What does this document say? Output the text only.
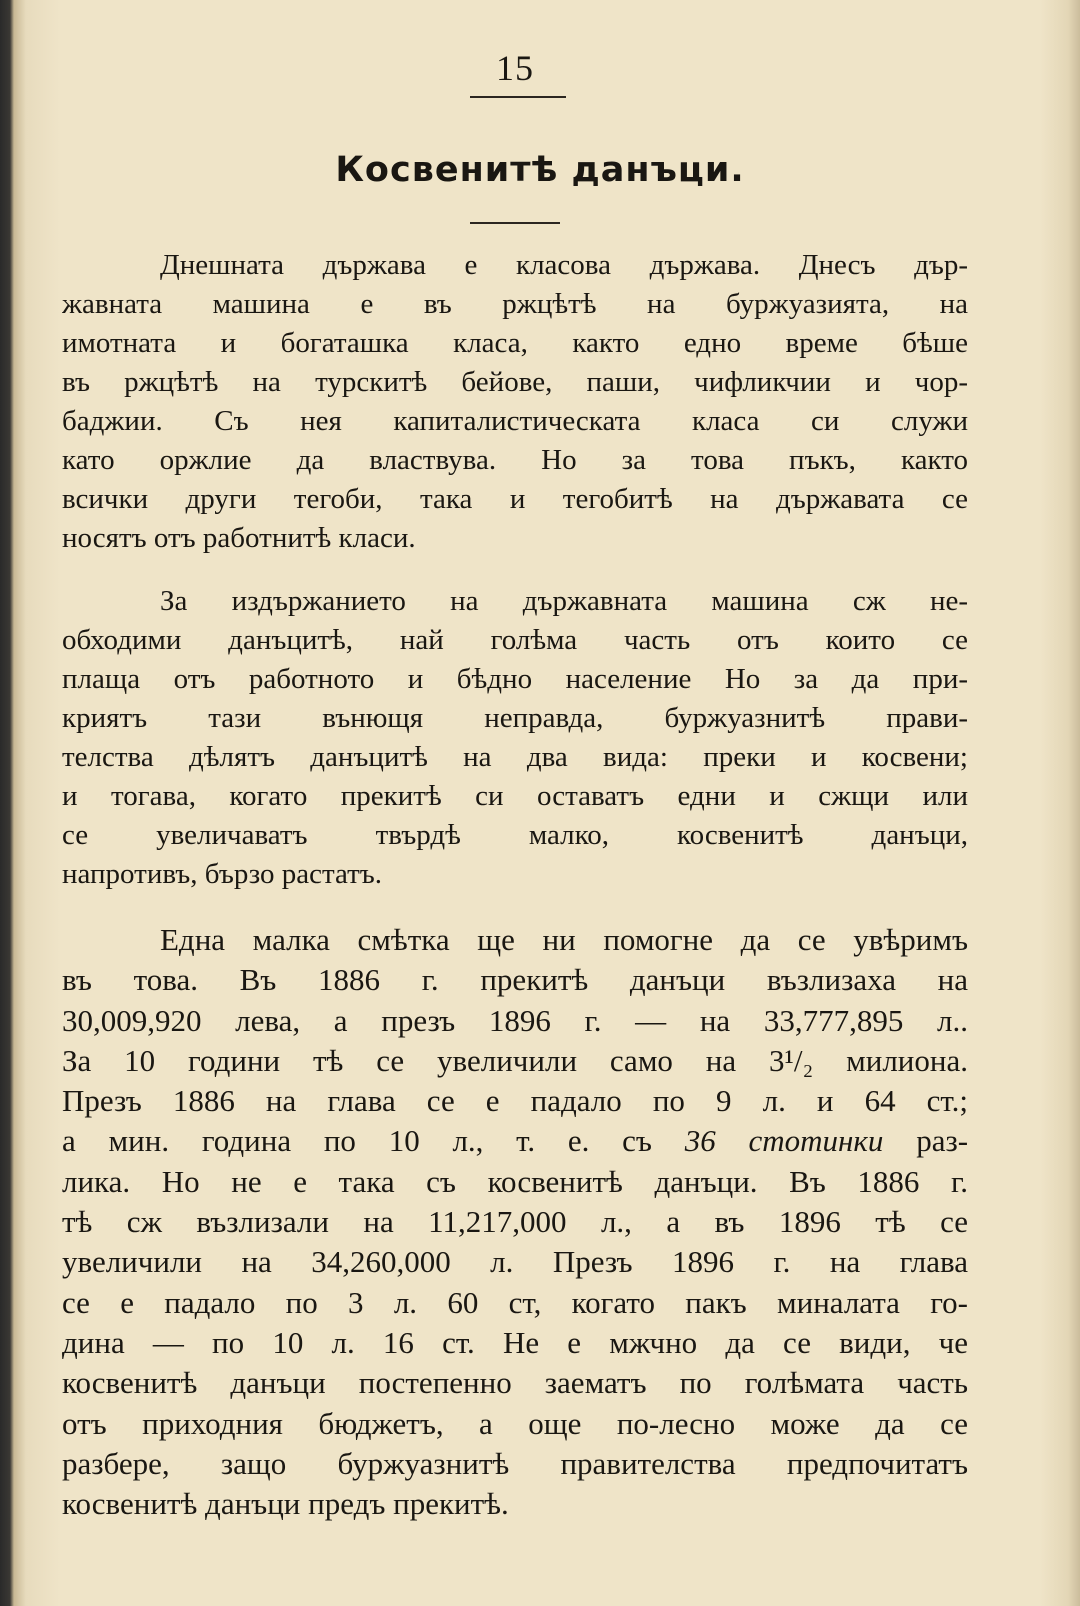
15
Косвенитѣ данъци.
Днешната държава е класова държава. Днесъ дър-
жавната машина е въ ржцѣтѣ на буржуазията, на
имотната и богаташка класа, както едно време бѣше
въ ржцѣтѣ на турскитѣ бейове, паши, чифликчии и чор-
баджии. Съ нея капиталистическата класа си служи
като оржлие да властвува. Но за това пъкъ, както
всички други тегоби, така и тегобитѣ на държавата се
носятъ отъ работнитѣ класи.
За издържанието на държавната машина сж не-
обходими данъцитѣ, най голѣма часть отъ които се
плаща отъ работното и бѣдно население Но за да при-
криятъ тази вънющя неправда, буржуазнитѣ прави-
телства дѣлятъ данъцитѣ на два вида: преки и косвени;
и тогава, когато прекитѣ си оставатъ едни и сжщи или
се увеличаватъ твърдѣ малко, косвенитѣ данъци,
напротивъ, бързо растатъ.
Една малка смѣтка ще ни помогне да се увѣримъ
въ това. Въ 1886 г. прекитѣ данъци възлизаха на
30,009,920 лева, а презъ 1896 г. — на 33,777,895 л..
За 10 години тѣ се увеличили само на 3¹/₂ милиона.
Презъ 1886 на глава се е падало по 9 л. и 64 ст.;
а мин. година по 10 л., т. е. съ 36 стотинки раз-
лика. Но не е така съ косвенитѣ данъци. Въ 1886 г.
тѣ сж възлизали на 11,217,000 л., а въ 1896 тѣ се
увеличили на 34,260,000 л. Презъ 1896 г. на глава
се е падало по 3 л. 60 ст, когато пакъ миналата го-
дина — по 10 л. 16 ст. Не е мжчно да се види, че
косвенитѣ данъци постепенно заематъ по голѣмата часть
отъ приходния бюджетъ, а още по-лесно може да се
разбере, защо буржуазнитѣ правителства предпочитатъ
косвенитѣ данъци предъ прекитѣ.
